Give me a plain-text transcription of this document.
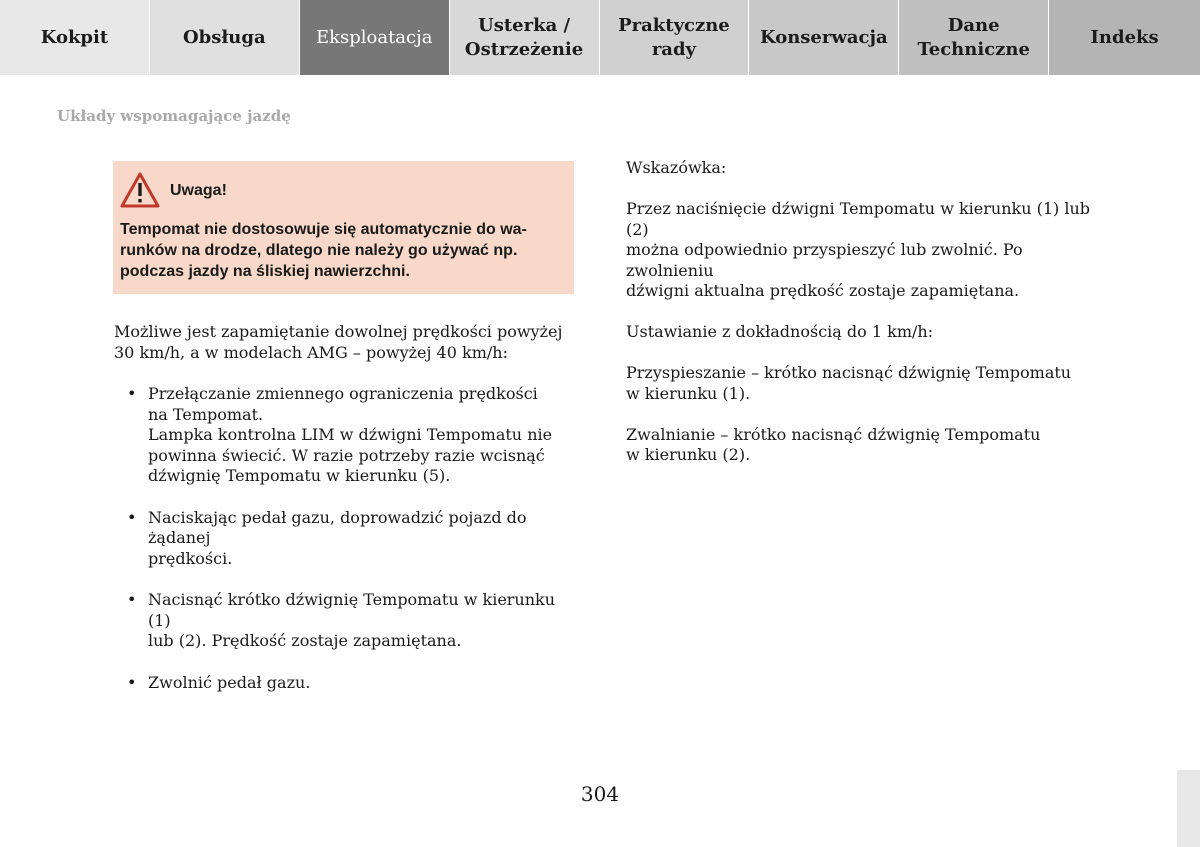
Kokpit	Obsługa	Eksploatacja
Usterka /
Ostrzeżenie
Praktyczne
rady
Konserwacja
Dane
Techniczne
Indeks
Układy wspomagające jazdę
Uwaga!
Tempomat nie dostosowuje się automatycznie do wa-
runków na drodze, dlatego nie należy go używać np.
podczas jazdy na śliskiej nawierzchni.

Możliwe jest zapamiętanie dowolnej prędkości powyżej
30 km/h, a w modelach AMG – powyżej 40 km/h:

• Przełączanie zmiennego ograniczenia prędkości
na Tempomat.
Lampka kontrolna LIM w dźwigni Tempomatu nie
powinna świecić. W razie potrzeby razie wcisnąć
dźwignię Tempomatu w kierunku (5).
• Naciskając pedał gazu, doprowadzić pojazd do żądanej
prędkości.
• Nacisnąć krótko dźwignię Tempomatu w kierunku (1)
lub (2). Prędkość zostaje zapamiętana.
• Zwolnić pedał gazu.

Wskazówka:

Przez naciśnięcie dźwigni Tempomatu w kierunku (1) lub (2)
można odpowiednio przyspieszyć lub zwolnić. Po zwolnieniu
dźwigni aktualna prędkość zostaje zapamiętana.

Ustawianie z dokładnością do 1 km/h:

Przyspieszanie – krótko nacisnąć dźwignię Tempomatu
w kierunku (1).

Zwalnianie – krótko nacisnąć dźwignię Tempomatu
w kierunku (2).

304
